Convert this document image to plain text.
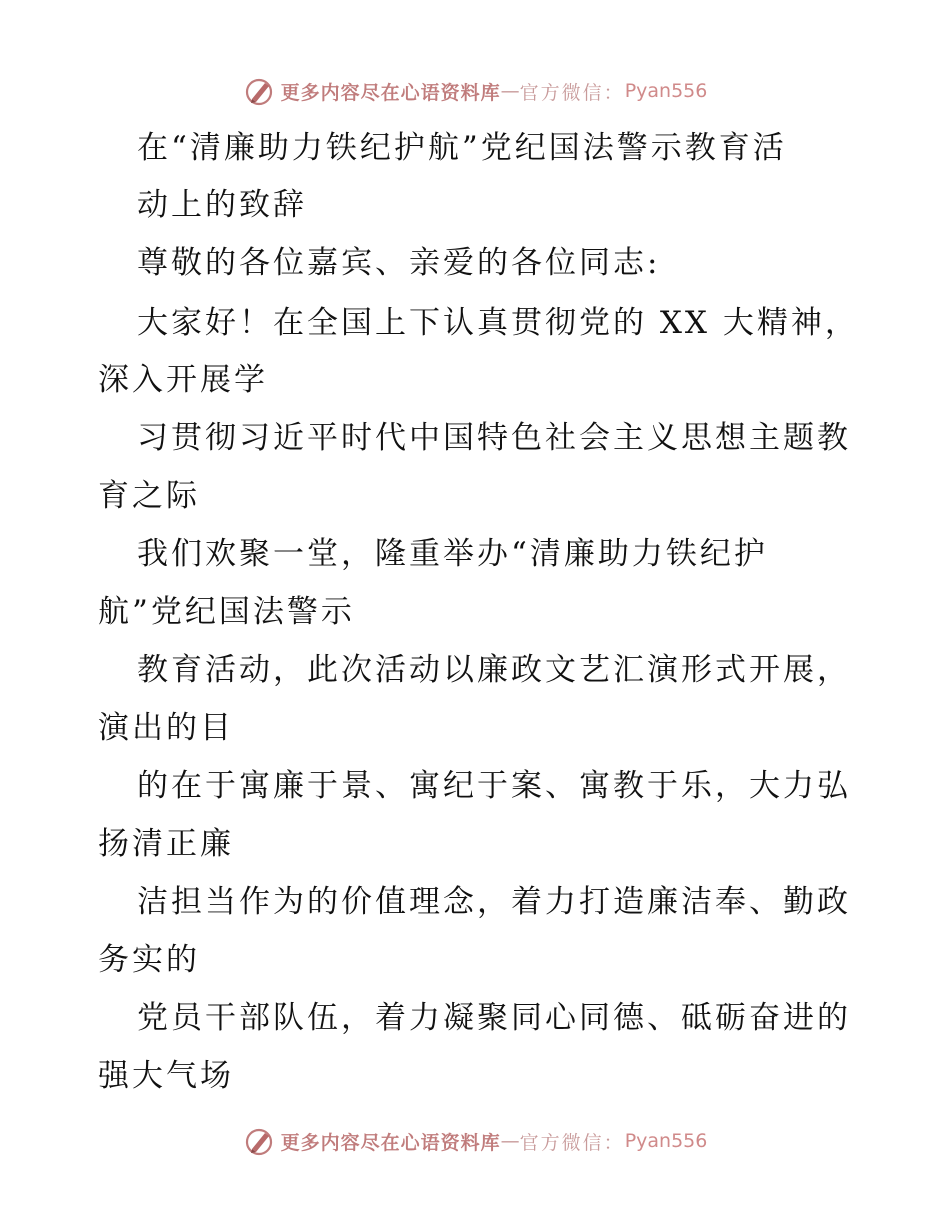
更多内容尽在心语资料库 — 官方微信： Pyan556
在“清廉助力铁纪护航”党纪国法警示教育活
动上的致辞
尊敬的各位嘉宾、亲爱的各位同志:
大家好！在全国上下认真贯彻党的 XX 大精神，
深入开展学
习贯彻习近平时代中国特色社会主义思想主题教
育之际
我们欢聚一堂，隆重举办“清廉助力铁纪护
航”党纪国法警示
教育活动，此次活动以廉政文艺汇演形式开展，
演出的目
的在于寓廉于景、寓纪于案、寓教于乐，大力弘
扬清正廉
洁担当作为的价值理念，着力打造廉洁奉、勤政
务实的
党员干部队伍，着力凝聚同心同德、砥砺奋进的
强大气场
更多内容尽在心语资料库 — 官方微信： Pyan556
